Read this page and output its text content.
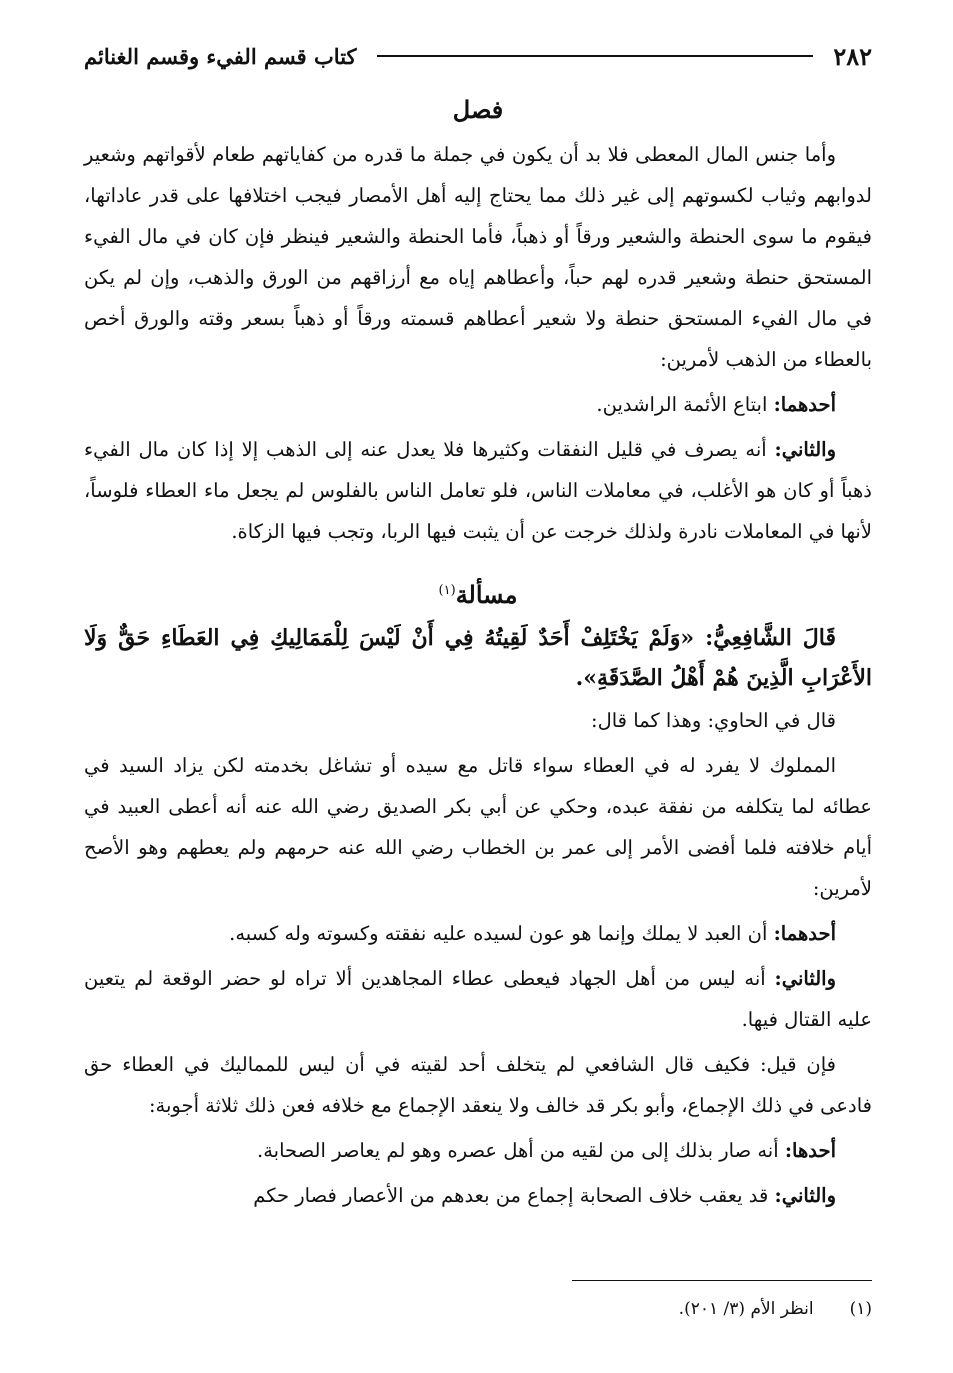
٢٨٢
كتاب قسم الفيء وقسم الغنائم
فصل

وأما جنس المال المعطى فلا بد أن يكون في جملة ما قدره من كفاياتهم طعام لأقواتهم وشعير لدوابهم وثياب لكسوتهم إلى غير ذلك مما يحتاج إليه أهل الأمصار فيجب اختلافها على قدر عاداتها، فيقوم ما سوى الحنطة والشعير ورقاً أو ذهباً، فأما الحنطة والشعير فينظر فإن كان في مال الفيء المستحق حنطة وشعير قدره لهم حباً، وأعطاهم إياه مع أرزاقهم من الورق والذهب، وإن لم يكن في مال الفيء المستحق حنطة ولا شعير أعطاهم قسمته ورقاً أو ذهباً بسعر وقته والورق أخص بالعطاء من الذهب لأمرين:

أحدهما: ابتاع الأئمة الراشدين.

والثاني: أنه يصرف في قليل النفقات وكثيرها فلا يعدل عنه إلى الذهب إلا إذا كان مال الفيء ذهباً أو كان هو الأغلب، في معاملات الناس، فلو تعامل الناس بالفلوس لم يجعل ماء العطاء فلوساً، لأنها في المعاملات نادرة ولذلك خرجت عن أن يثبت فيها الربا، وتجب فيها الزكاة.

مسألة$^{(١)}$

قَالَ الشَّافِعِيُّ: «وَلَمْ يَخْتَلِفْ أَحَدٌ لَقِيتُهُ فِي أَنْ لَيْسَ لِلْمَمَالِيكِ فِي العَطَاءِ حَقٌّ وَلَا الأَعْرَابِ الَّذِينَ هُمْ أَهْلُ الصَّدَقَةِ».

قال في الحاوي: وهذا كما قال:

المملوك لا يفرد له في العطاء سواء قاتل مع سيده أو تشاغل بخدمته لكن يزاد السيد في عطائه لما يتكلفه من نفقة عبده، وحكي عن أبي بكر الصديق رضي الله عنه أنه أعطى العبيد في أيام خلافته فلما أفضى الأمر إلى عمر بن الخطاب رضي الله عنه حرمهم ولم يعطهم وهو الأصح لأمرين:

أحدهما: أن العبد لا يملك وإنما هو عون لسيده عليه نفقته وكسوته وله كسبه.

والثاني: أنه ليس من أهل الجهاد فيعطى عطاء المجاهدين ألا تراه لو حضر الوقعة لم يتعين عليه القتال فيها.

فإن قيل: فكيف قال الشافعي لم يتخلف أحد لقيته في أن ليس للمماليك في العطاء حق فادعى في ذلك الإجماع، وأبو بكر قد خالف ولا ينعقد الإجماع مع خلافه فعن ذلك ثلاثة أجوبة:

أحدها: أنه صار بذلك إلى من لقيه من أهل عصره وهو لم يعاصر الصحابة.

والثاني: قد يعقب خلاف الصحابة إجماع من بعدهم من الأعصار فصار حكم

(١)انظر الأم (٣/ ٢٠١).
